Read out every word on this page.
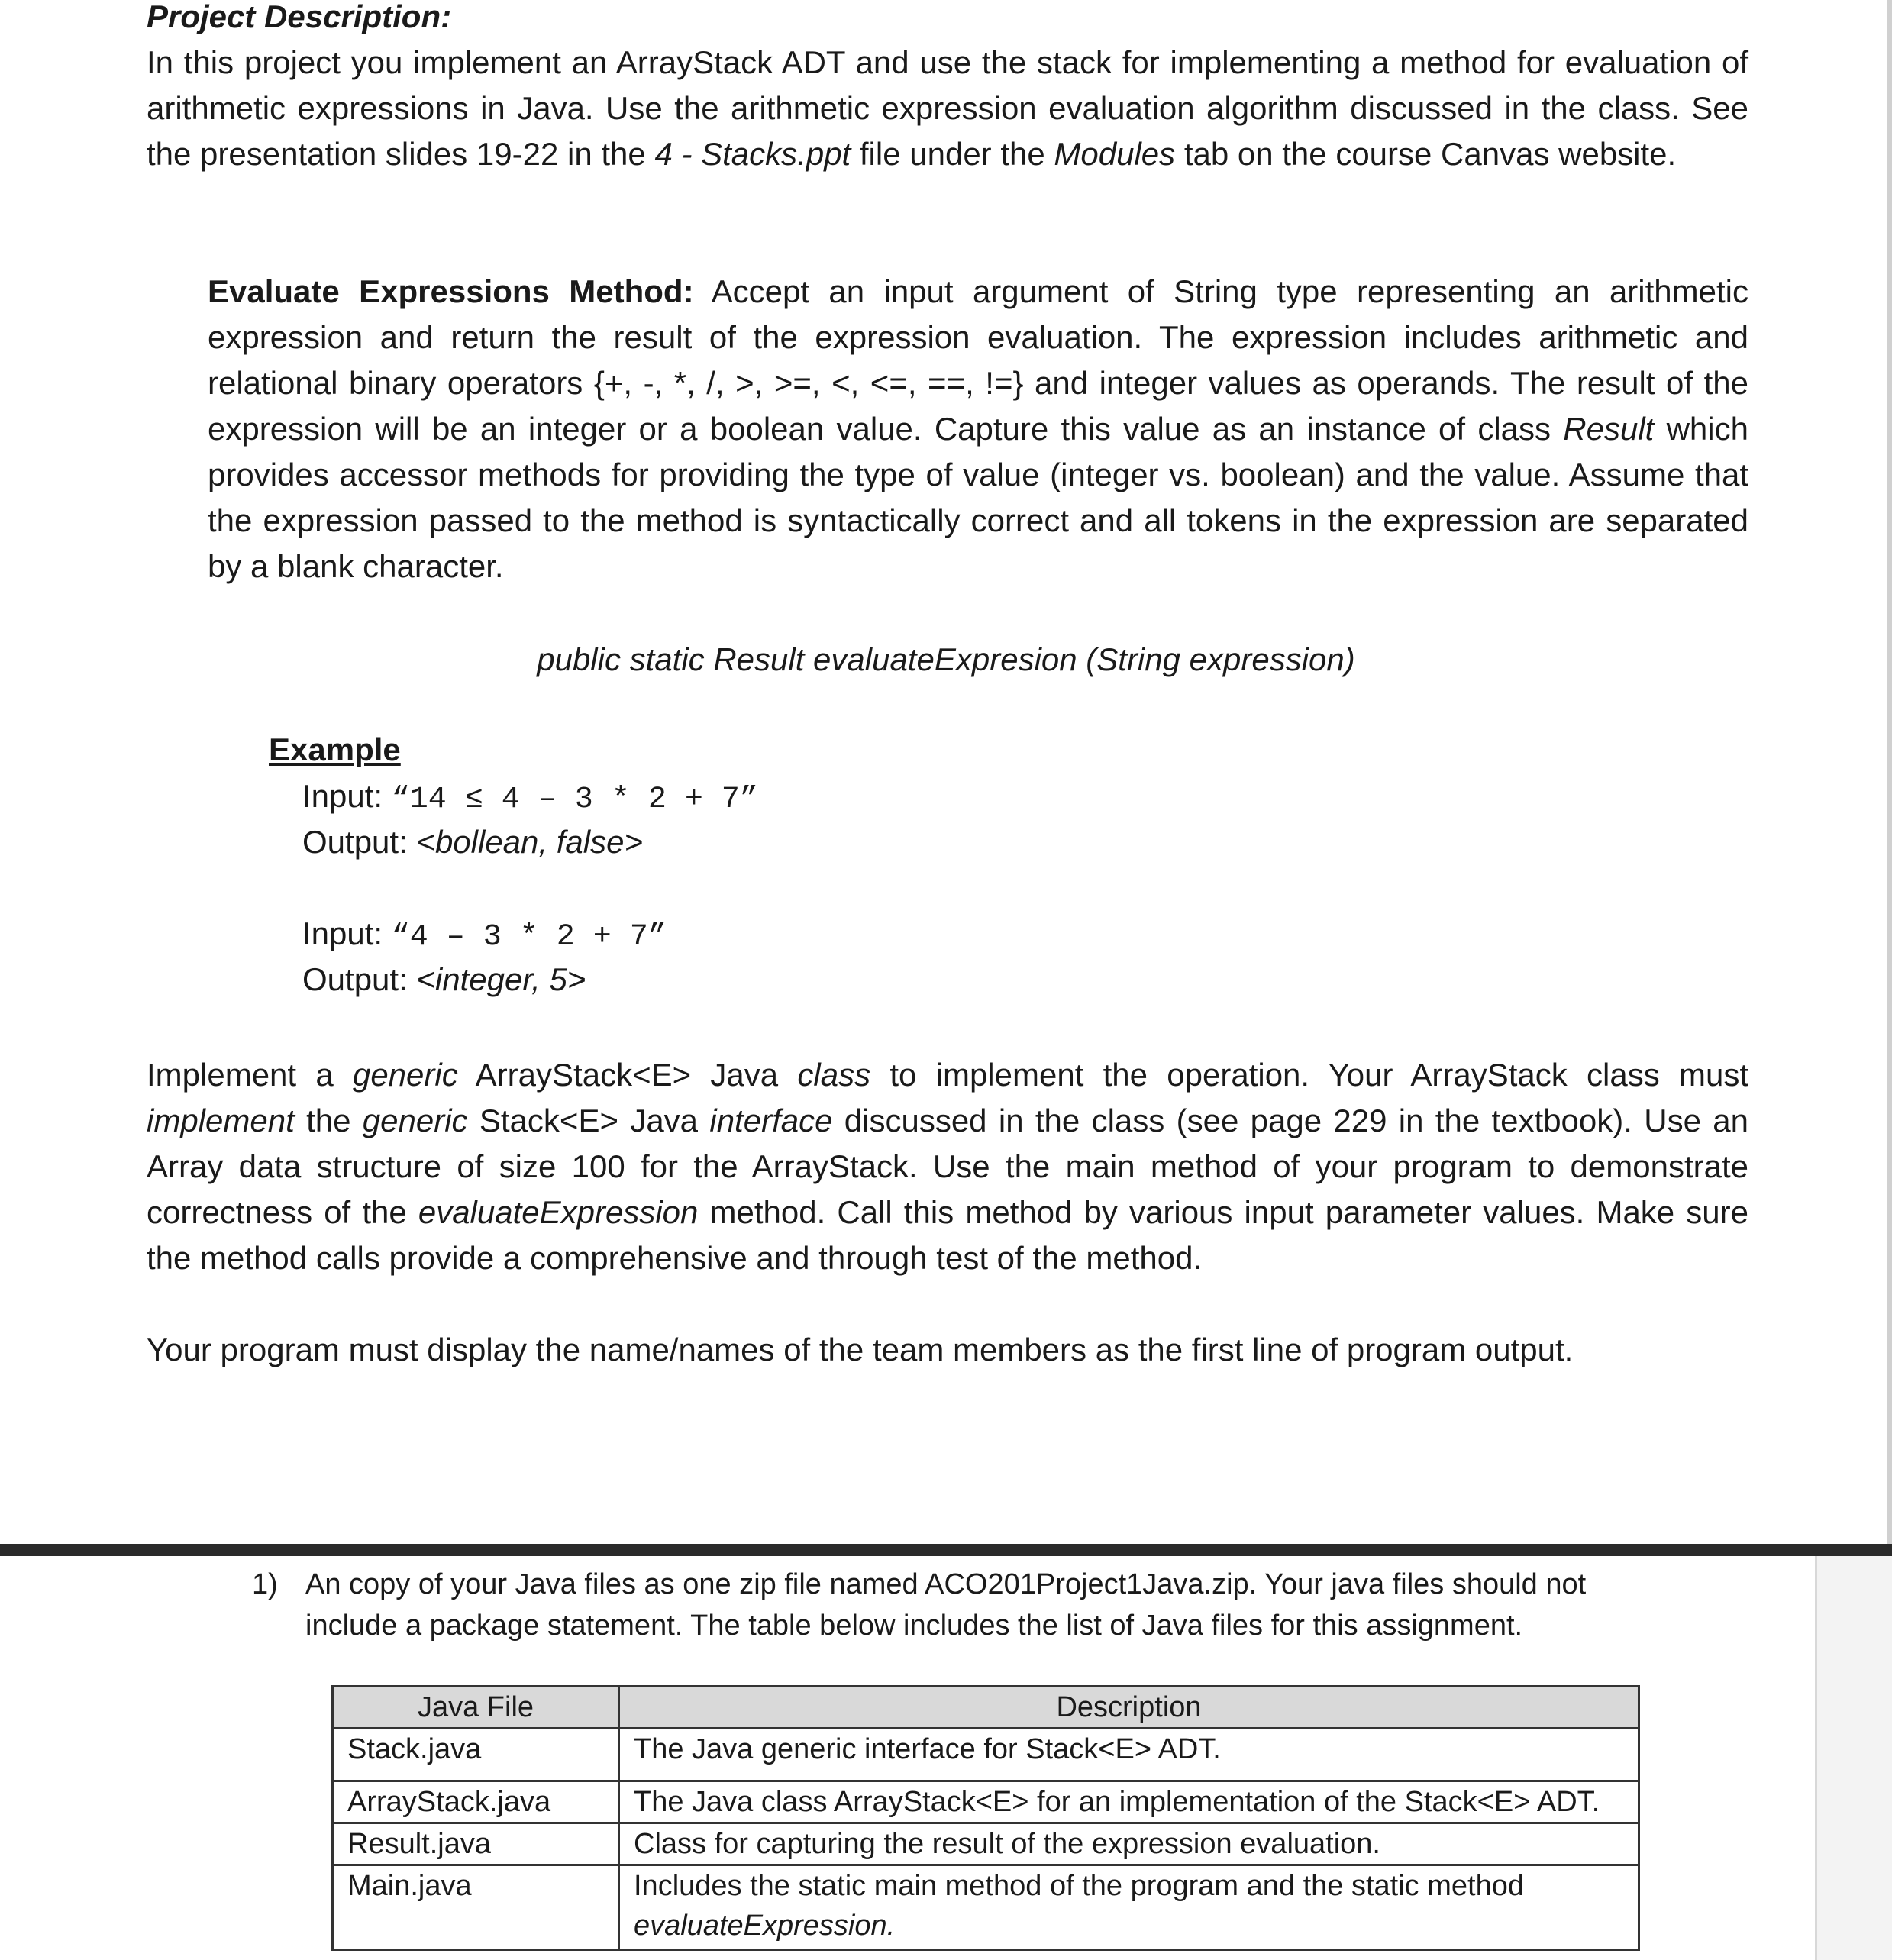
Project Description:

In this project you implement an ArrayStack ADT and use the stack for implementing a method for evaluation of arithmetic expressions in Java. Use the arithmetic expression evaluation algorithm discussed in the class. See the presentation slides 19-22 in the 4 - Stacks.ppt file under the Modules tab on the course Canvas website.

Evaluate Expressions Method: Accept an input argument of String type representing an arithmetic expression and return the result of the expression evaluation. The expression includes arithmetic and relational binary operators {+, -, *, /, >, >=, <, <=, ==, !=} and integer values as operands. The result of the expression will be an integer or a boolean value. Capture this value as an instance of class Result which provides accessor methods for providing the type of value (integer vs. boolean) and the value. Assume that the expression passed to the method is syntactically correct and all tokens in the expression are separated by a blank character.

public static Result evaluateExpresion (String expression)

Example

Input: “14 ≤ 4 – 3 * 2 + 7”

Output: <bollean, false>

Input: “4 – 3 * 2 + 7”

Output: <integer, 5>

Implement a generic ArrayStack<E> Java class to implement the operation. Your ArrayStack class must implement the generic Stack<E> Java interface discussed in the class (see page 229 in the textbook). Use an Array data structure of size 100 for the ArrayStack. Use the main method of your program to demonstrate correctness of the evaluateExpression method. Call this method by various input parameter values. Make sure the method calls provide a comprehensive and through test of the method.

Your program must display the name/names of the team members as the first line of program output.

1) An copy of your Java files as one zip file named ACO201Project1Java.zip. Your java files should not include a package statement. The table below includes the list of Java files for this assignment.

Java File	Description
Stack.java	The Java generic interface for Stack<E> ADT.
ArrayStack.java	The Java class ArrayStack<E> for an implementation of the Stack<E> ADT.
Result.java	Class for capturing the result of the expression evaluation.
Main.java	Includes the static main method of the program and the static method evaluateExpression.
